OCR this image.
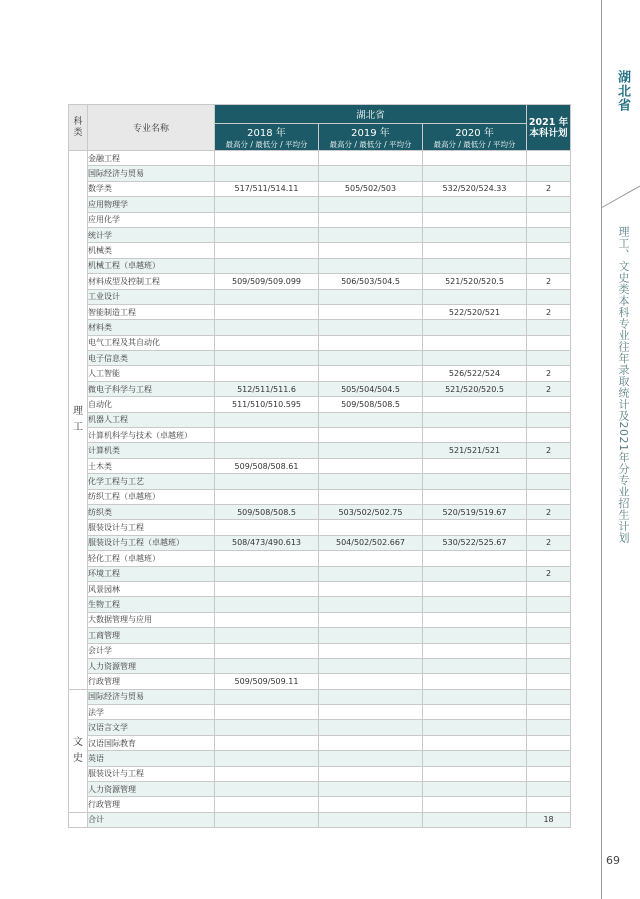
湖北省
理工、文史类本科专业往年录取统计及2021年分专业招生计划
69
科类	专业名称	湖北省			2021 年
本科计划

		2018 年	2019 年	2020 年	
		最高分 / 最低分 / 平均分	最高分 / 最低分 / 平均分	最高分 / 最低分 / 平均分	
理工	金融工程				
	国际经济与贸易				
	数学类	517/511/514.11	505/502/503	532/520/524.33	2
	应用物理学				
	应用化学				
	统计学				
	机械类				
	机械工程（卓越班）				
	材料成型及控制工程	509/509/509.099	506/503/504.5	521/520/520.5	2
	工业设计				
	智能制造工程			522/520/521	2
	材料类				
	电气工程及其自动化				
	电子信息类				
	人工智能			526/522/524	2
	微电子科学与工程	512/511/511.6	505/504/504.5	521/520/520.5	2
	自动化	511/510/510.595	509/508/508.5		
	机器人工程				
	计算机科学与技术（卓越班）				
	计算机类			521/521/521	2
	土木类	509/508/508.61			
	化学工程与工艺				
	纺织工程（卓越班）				
	纺织类	509/508/508.5	503/502/502.75	520/519/519.67	2
	服装设计与工程				
	服装设计与工程（卓越班）	508/473/490.613	504/502/502.667	530/522/525.67	2
	轻化工程（卓越班）				
	环境工程				2
	风景园林				
	生物工程				
	大数据管理与应用				
	工商管理				
	会计学				
	人力资源管理				
	行政管理	509/509/509.11			
文史	国际经济与贸易				
	法学				
	汉语言文学				
	汉语国际教育				
	英语				
	服装设计与工程				
	人力资源管理				
	行政管理				
	合计				18
